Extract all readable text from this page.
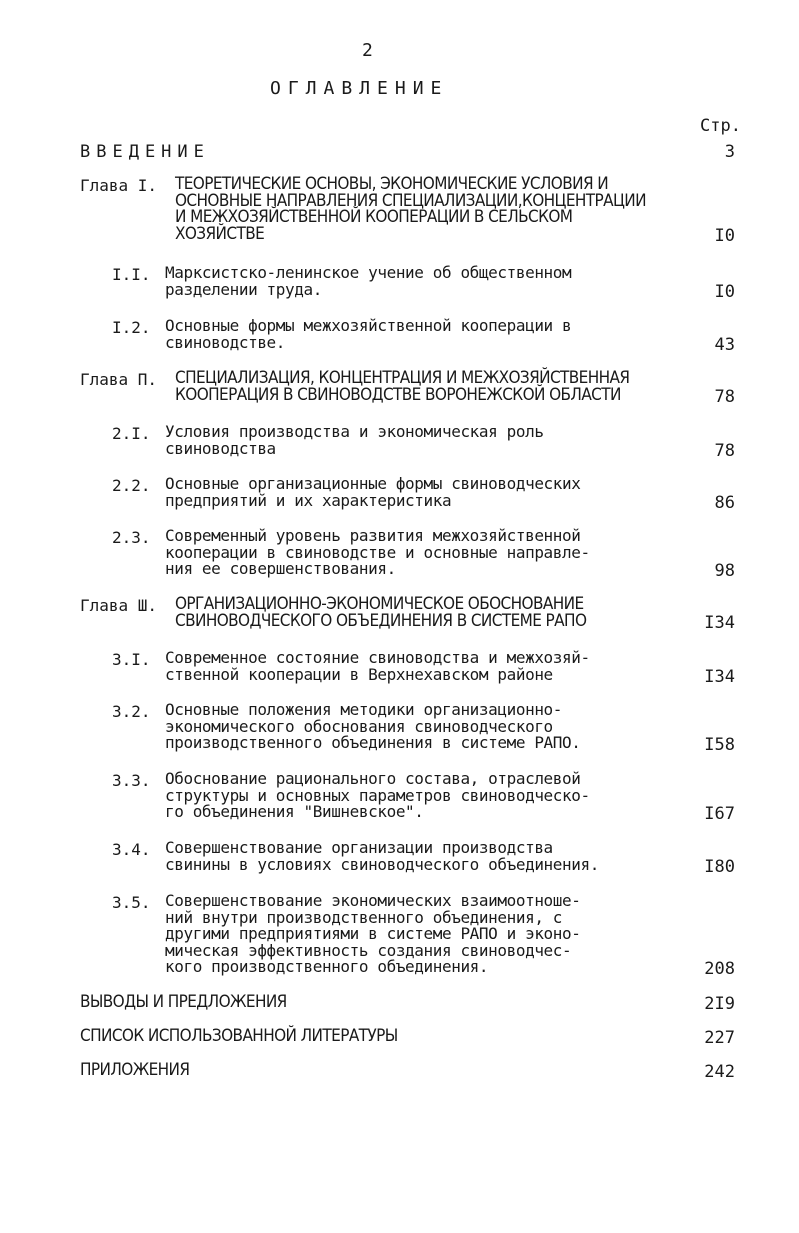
2
ОГЛАВЛЕНИЕ
Стр.
ВВЕДЕНИЕ	3
Глава I. ТЕОРЕТИЧЕСКИЕ ОСНОВЫ, ЭКОНОМИЧЕСКИЕ УСЛОВИЯ И
ОСНОВНЫЕ НАПРАВЛЕНИЯ СПЕЦИАЛИЗАЦИИ,КОНЦЕНТРАЦИИ
И МЕЖХОЗЯЙСТВЕННОЙ КООПЕРАЦИИ В СЕЛЬСКОМ
ХОЗЯЙСТВЕ	I0
I.I. Марксистско-ленинское учение об общественном
разделении труда.	I0
I.2. Основные формы межхозяйственной кооперации в
свиноводстве.	43
Глава П. СПЕЦИАЛИЗАЦИЯ, КОНЦЕНТРАЦИЯ И МЕЖХОЗЯЙСТВЕННАЯ
КООПЕРАЦИЯ В СВИНОВОДСТВЕ ВОРОНЕЖСКОЙ ОБЛАСТИ	78
2.I. Условия производства и экономическая роль
свиноводства	78
2.2. Основные организационные формы свиноводческих
предприятий и их характеристика	86
2.3. Современный уровень развития межхозяйственной
кооперации в свиноводстве и основные направле-
ния ее совершенствования.	98
Глава Ш. ОРГАНИЗАЦИОННО-ЭКОНОМИЧЕСКОЕ ОБОСНОВАНИЕ
СВИНОВОДЧЕСКОГО ОБЪЕДИНЕНИЯ В СИСТЕМЕ РАПО	I34
3.I. Современное состояние свиноводства и межхозяй-
ственной кооперации в Верхнехавском районе	I34
3.2. Основные положения методики организационно-
экономического обоснования свиноводческого
производственного объединения в системе РАПО.	I58
3.3. Обоснование рационального состава, отраслевой
структуры и основных параметров свиноводческо-
го объединения "Вишневское".	I67
3.4. Совершенствование организации производства
свинины в условиях свиноводческого объединения.	I80
3.5. Совершенствование экономических взаимоотноше-
ний внутри производственного объединения, с
другими предприятиями в системе РАПО и эконо-
мическая эффективность создания свиноводчес-
кого производственного объединения.	208
ВЫВОДЫ И ПРЕДЛОЖЕНИЯ	2I9
СПИСОК ИСПОЛЬЗОВАННОЙ ЛИТЕРАТУРЫ	227
ПРИЛОЖЕНИЯ	242
